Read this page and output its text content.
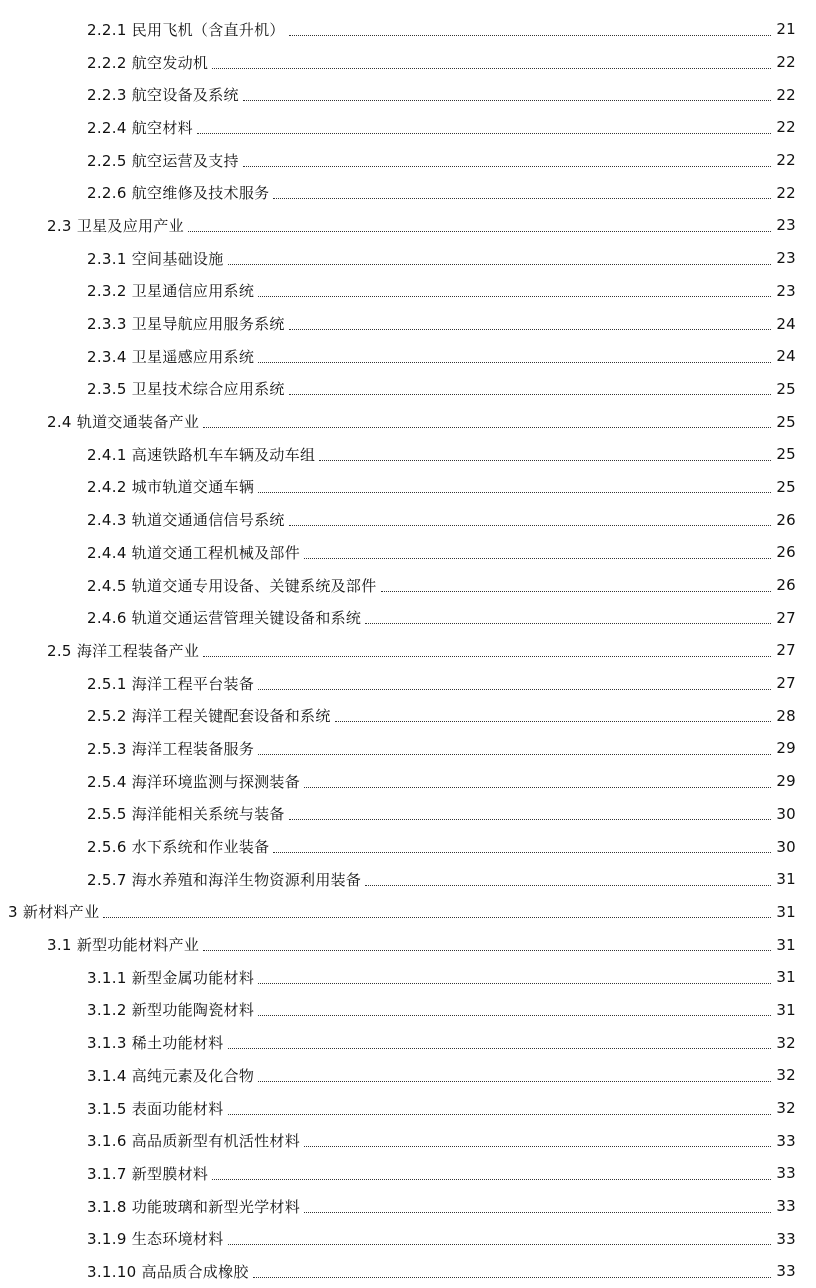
2.2.1 民用飞机（含直升机）	21
2.2.2 航空发动机	22
2.2.3 航空设备及系统	22
2.2.4 航空材料	22
2.2.5 航空运营及支持	22
2.2.6 航空维修及技术服务	22
2.3 卫星及应用产业	23
2.3.1 空间基础设施	23
2.3.2 卫星通信应用系统	23
2.3.3 卫星导航应用服务系统	24
2.3.4 卫星遥感应用系统	24
2.3.5 卫星技术综合应用系统	25
2.4 轨道交通装备产业	25
2.4.1 高速铁路机车车辆及动车组	25
2.4.2 城市轨道交通车辆	25
2.4.3 轨道交通通信信号系统	26
2.4.4 轨道交通工程机械及部件	26
2.4.5 轨道交通专用设备、关键系统及部件	26
2.4.6 轨道交通运营管理关键设备和系统	27
2.5 海洋工程装备产业	27
2.5.1 海洋工程平台装备	27
2.5.2 海洋工程关键配套设备和系统	28
2.5.3 海洋工程装备服务	29
2.5.4 海洋环境监测与探测装备	29
2.5.5 海洋能相关系统与装备	30
2.5.6 水下系统和作业装备	30
2.5.7 海水养殖和海洋生物资源利用装备	31
3 新材料产业	31
3.1 新型功能材料产业	31
3.1.1 新型金属功能材料	31
3.1.2 新型功能陶瓷材料	31
3.1.3 稀土功能材料	32
3.1.4 高纯元素及化合物	32
3.1.5 表面功能材料	32
3.1.6 高品质新型有机活性材料	33
3.1.7 新型膜材料	33
3.1.8 功能玻璃和新型光学材料	33
3.1.9 生态环境材料	33
3.1.10 高品质合成橡胶	33
